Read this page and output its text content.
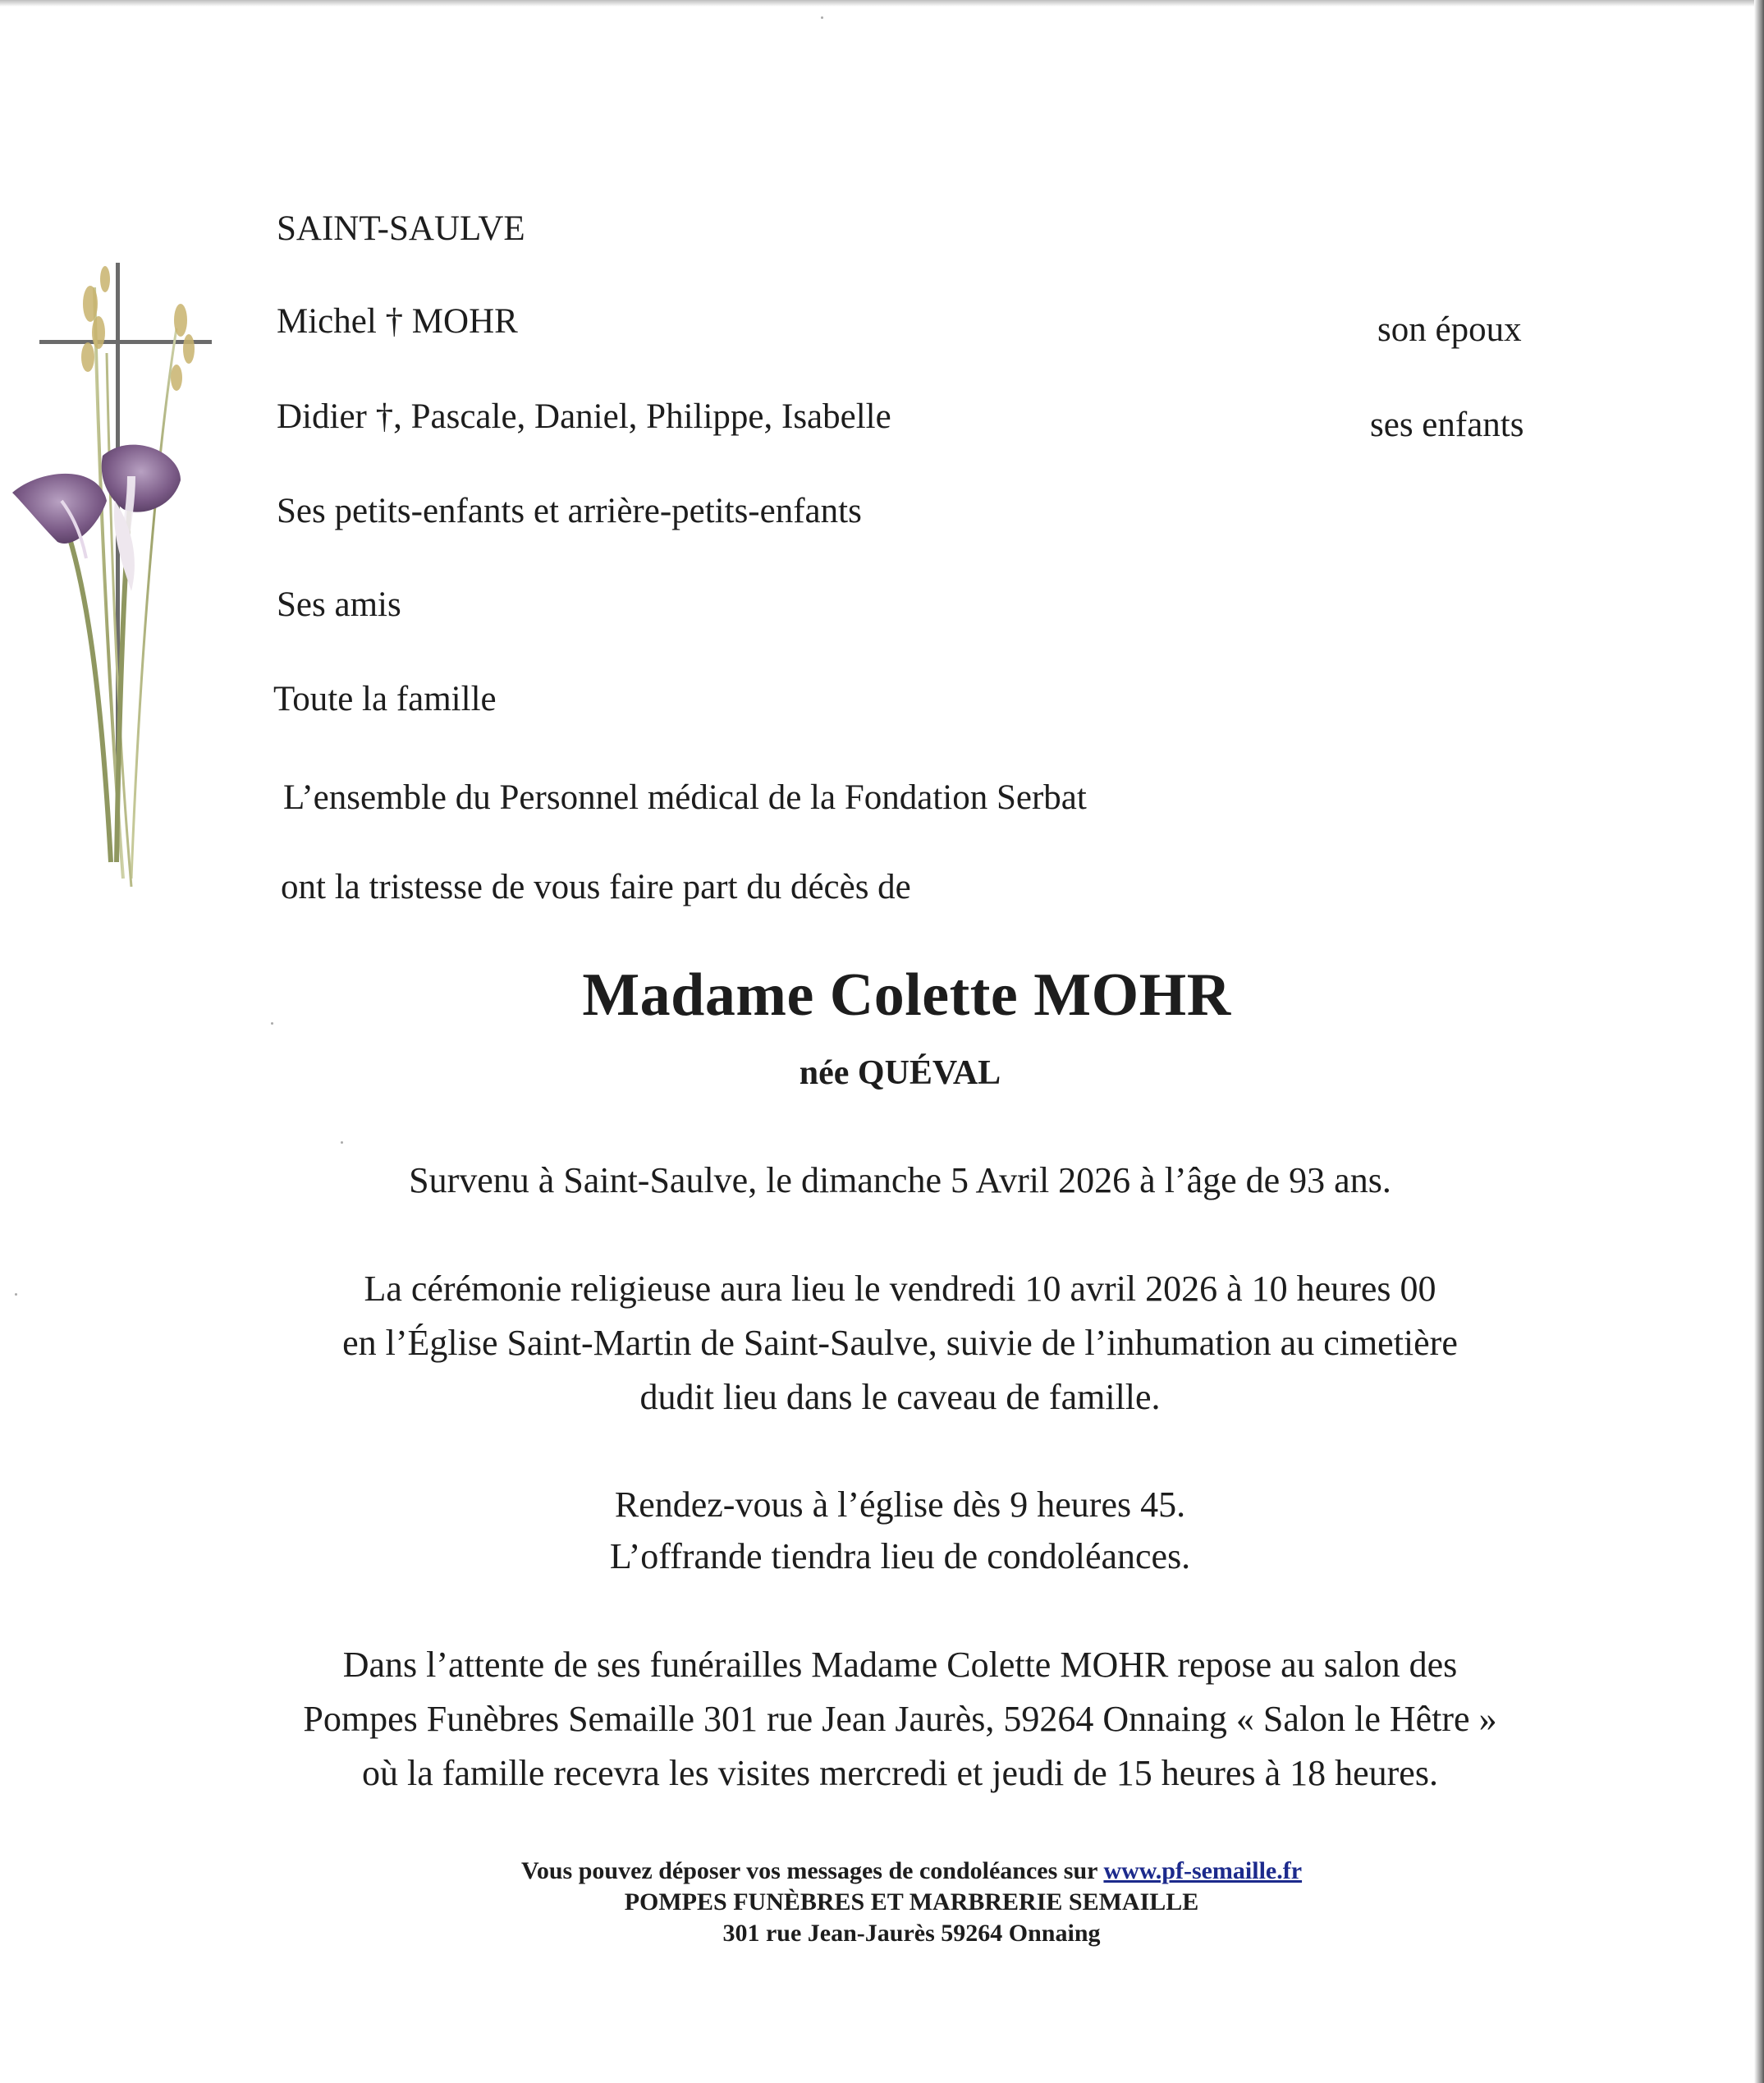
SAINT-SAULVE

Michel † MOHR	son époux

Didier †, Pascale, Daniel, Philippe, Isabelle	ses enfants

Ses petits-enfants et arrière-petits-enfants

Ses amis

Toute la famille

L’ensemble du Personnel médical de la Fondation Serbat

ont la tristesse de vous faire part du décès de

Madame Colette MOHR

née QUÉVAL

Survenu à Saint-Saulve, le dimanche 5 Avril 2026 à l’âge de 93 ans.

La cérémonie religieuse aura lieu le vendredi 10 avril 2026 à 10 heures 00

en l’Église Saint-Martin de Saint-Saulve, suivie de l’inhumation au cimetière

dudit lieu dans le caveau de famille.

Rendez-vous à l’église dès 9 heures 45.

L’offrande tiendra lieu de condoléances.

Dans l’attente de ses funérailles Madame Colette MOHR repose au salon des

Pompes Funèbres Semaille 301 rue Jean Jaurès, 59264 Onnaing « Salon le Hêtre »

où la famille recevra les visites mercredi et jeudi de 15 heures à 18 heures.

Vous pouvez déposer vos messages de condoléances sur www.pf-semaille.fr

POMPES FUNÈBRES ET MARBRERIE SEMAILLE

301 rue Jean-Jaurès 59264 Onnaing
